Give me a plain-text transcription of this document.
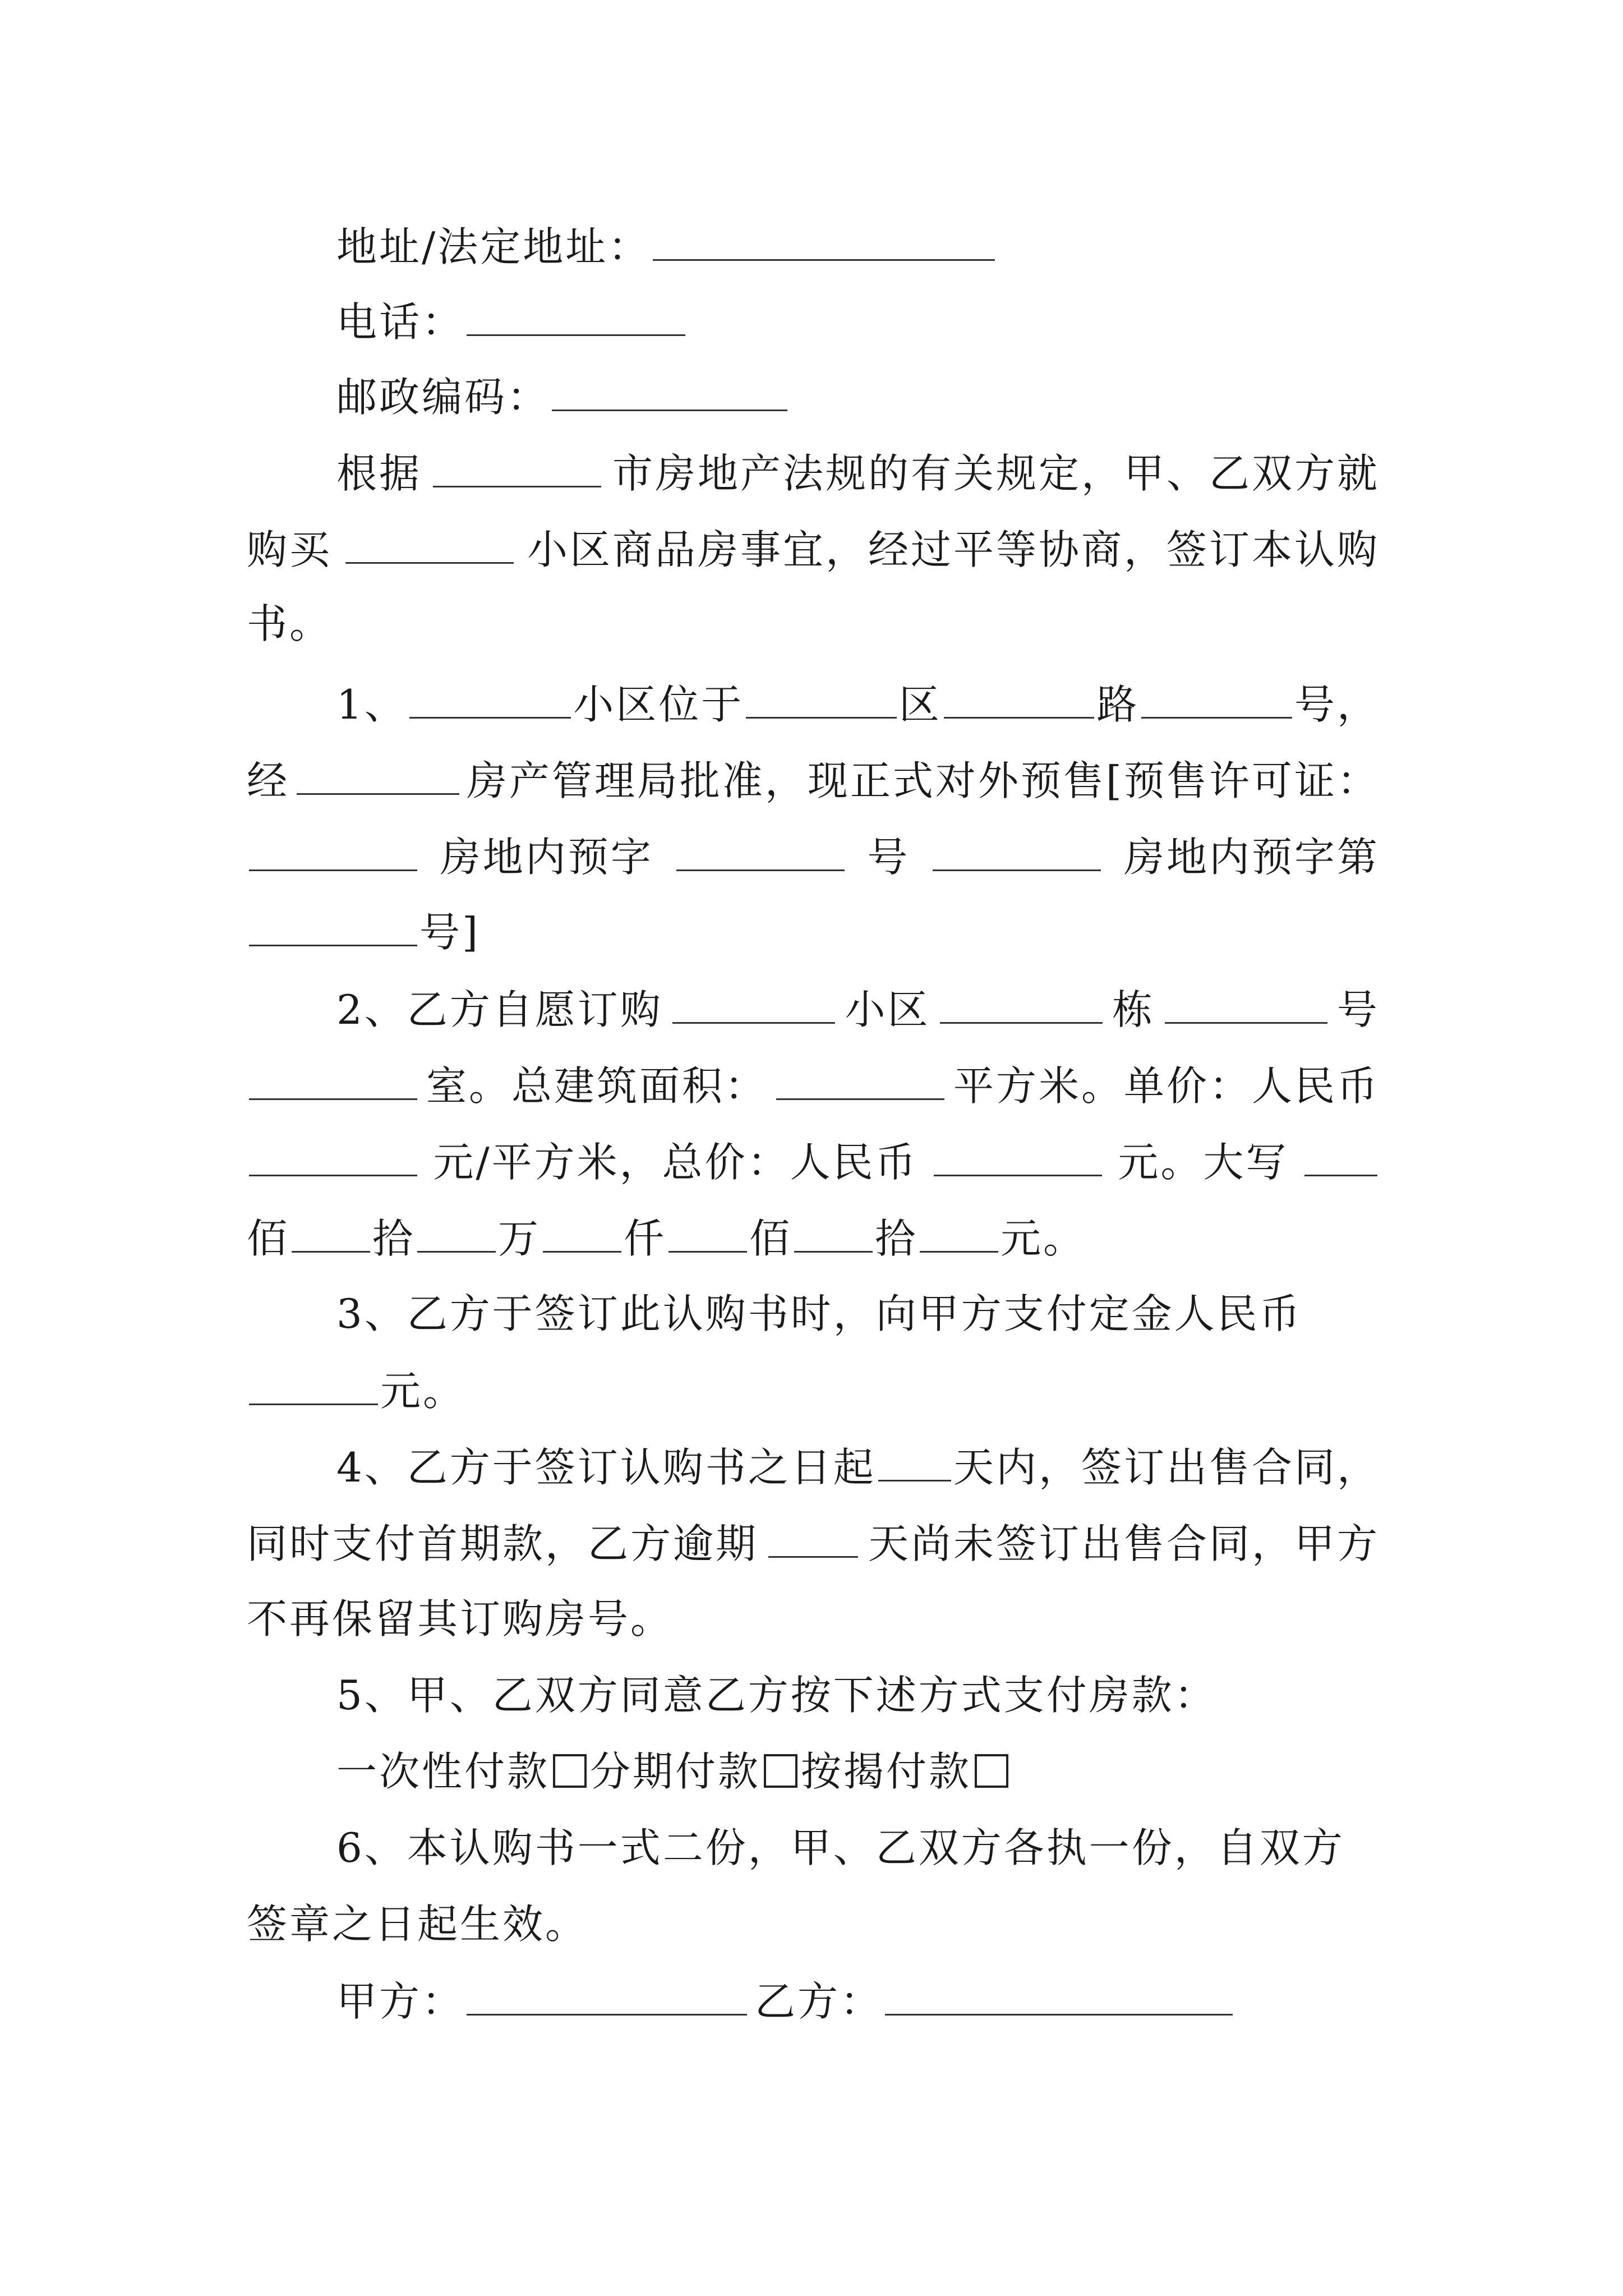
地址/法定地址：
电话：
邮政编码：
根据	市房地产法规的有关规定，甲、乙双方就
购买	小区商品房事宜，经过平等协商，签订本认购
书。
1、	小区位于	区	路	号，
经	房产管理局批准，现正式对外预售[预售许可证：
房地内预字	号	房地内预字第
号]
2、乙方自愿订购	小区	栋	号
室。总建筑面积：	平方米。单价：人民币
元/平方米，总价：人民币	元。大写
佰 拾 万 仟 佰 拾 元。
3、乙方于签订此认购书时，向甲方支付定金人民币
元。
4、乙方于签订认购书之日起 天内，签订出售合同，
同时支付首期款，乙方逾期	天尚未签订出售合同，甲方
不再保留其订购房号。
5、甲、乙双方同意乙方按下述方式支付房款：
一次性付款 分期付款 按揭付款
6、本认购书一式二份，甲、乙双方各执一份，自双方
签章之日起生效。
甲方：	乙方：
